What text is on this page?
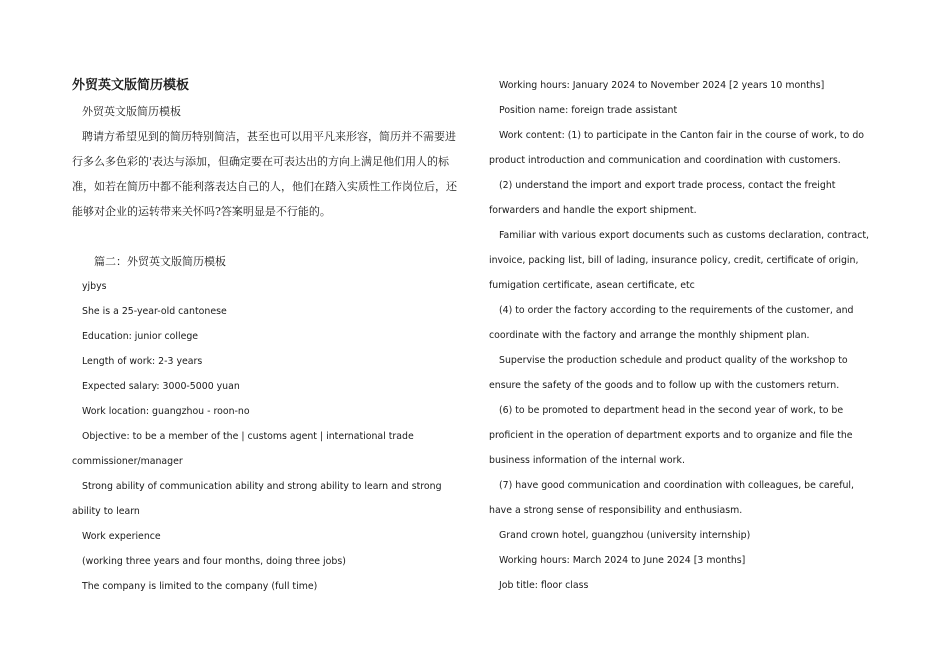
外贸英文版简历模板

外贸英文版简历模板

聘请方希望见到的简历特别简洁，甚至也可以用平凡来形容，简历并不需要进行多么多色彩的'表达与添加，但确定要在可表达出的方向上满足他们用人的标准，如若在简历中都不能利落表达自己的人，他们在踏入实质性工作岗位后，还能够对企业的运转带来关怀吗?答案明显是不行能的。

篇二：外贸英文版简历模板

yjbys

She is a 25-year-old cantonese

Education: junior college

Length of work: 2-3 years

Expected salary: 3000-5000 yuan

Work location: guangzhou - roon-no

Objective: to be a member of the | customs agent | international trade commissioner/manager

Strong ability of communication ability and strong ability to learn and strong ability to learn

Work experience

(working three years and four months, doing three jobs)

The company is limited to the company (full time)

Working hours: January 2024 to November 2024 [2 years 10 months]

Position name: foreign trade assistant

Work content: (1) to participate in the Canton fair in the course of work, to do product introduction and communication and coordination with customers.

(2) understand the import and export trade process, contact the freight forwarders and handle the export shipment.

Familiar with various export documents such as customs declaration, contract, invoice, packing list, bill of lading, insurance policy, credit, certificate of origin, fumigation certificate, asean certificate, etc

(4) to order the factory according to the requirements of the customer, and coordinate with the factory and arrange the monthly shipment plan.

Supervise the production schedule and product quality of the workshop to ensure the safety of the goods and to follow up with the customers return.

(6) to be promoted to department head in the second year of work, to be proficient in the operation of department exports and to organize and file the business information of the internal work.

(7) have good communication and coordination with colleagues, be careful, have a strong sense of responsibility and enthusiasm.

Grand crown hotel, guangzhou (university internship)

Working hours: March 2024 to June 2024 [3 months]

Job title: floor class
